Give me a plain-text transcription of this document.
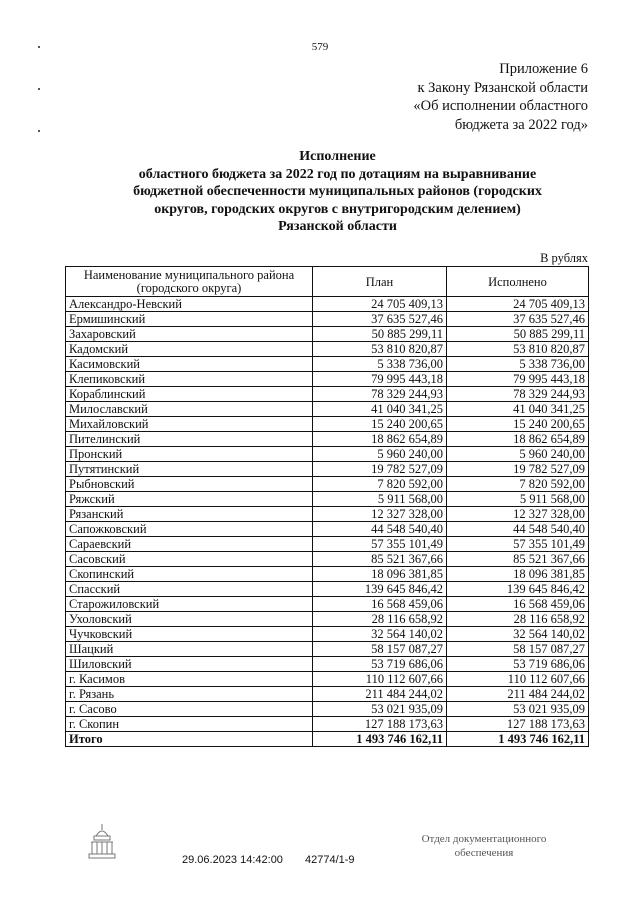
579
Приложение 6
к Закону Рязанской области
«Об исполнении областного
бюджета за 2022 год»
Исполнение
областного бюджета за 2022 год по дотациям на выравнивание
бюджетной обеспеченности муниципальных районов (городских
округов, городских округов с внутригородским делением)
Рязанской области
В рублях
Наименование муниципального района
(городского округа)	План	Исполнено
Александро-Невский	24 705 409,13	24 705 409,13
Ермишинский	37 635 527,46	37 635 527,46
Захаровский	50 885 299,11	50 885 299,11
Кадомский	53 810 820,87	53 810 820,87
Касимовский	5 338 736,00	5 338 736,00
Клепиковский	79 995 443,18	79 995 443,18
Кораблинский	78 329 244,93	78 329 244,93
Милославский	41 040 341,25	41 040 341,25
Михайловский	15 240 200,65	15 240 200,65
Пителинский	18 862 654,89	18 862 654,89
Пронский	5 960 240,00	5 960 240,00
Путятинский	19 782 527,09	19 782 527,09
Рыбновский	7 820 592,00	7 820 592,00
Ряжский	5 911 568,00	5 911 568,00
Рязанский	12 327 328,00	12 327 328,00
Сапожковский	44 548 540,40	44 548 540,40
Сараевский	57 355 101,49	57 355 101,49
Сасовский	85 521 367,66	85 521 367,66
Скопинский	18 096 381,85	18 096 381,85
Спасский	139 645 846,42	139 645 846,42
Старожиловский	16 568 459,06	16 568 459,06
Ухоловский	28 116 658,92	28 116 658,92
Чучковский	32 564 140,02	32 564 140,02
Шацкий	58 157 087,27	58 157 087,27
Шиловский	53 719 686,06	53 719 686,06
г. Касимов	110 112 607,66	110 112 607,66
г. Рязань	211 484 244,02	211 484 244,02
г. Сасово	53 021 935,09	53 021 935,09
г. Скопин	127 188 173,63	127 188 173,63
Итого	1 493 746 162,11	1 493 746 162,11
29.06.2023 14:42:00 42774/1-9
Отдел документационного
обеспечения
